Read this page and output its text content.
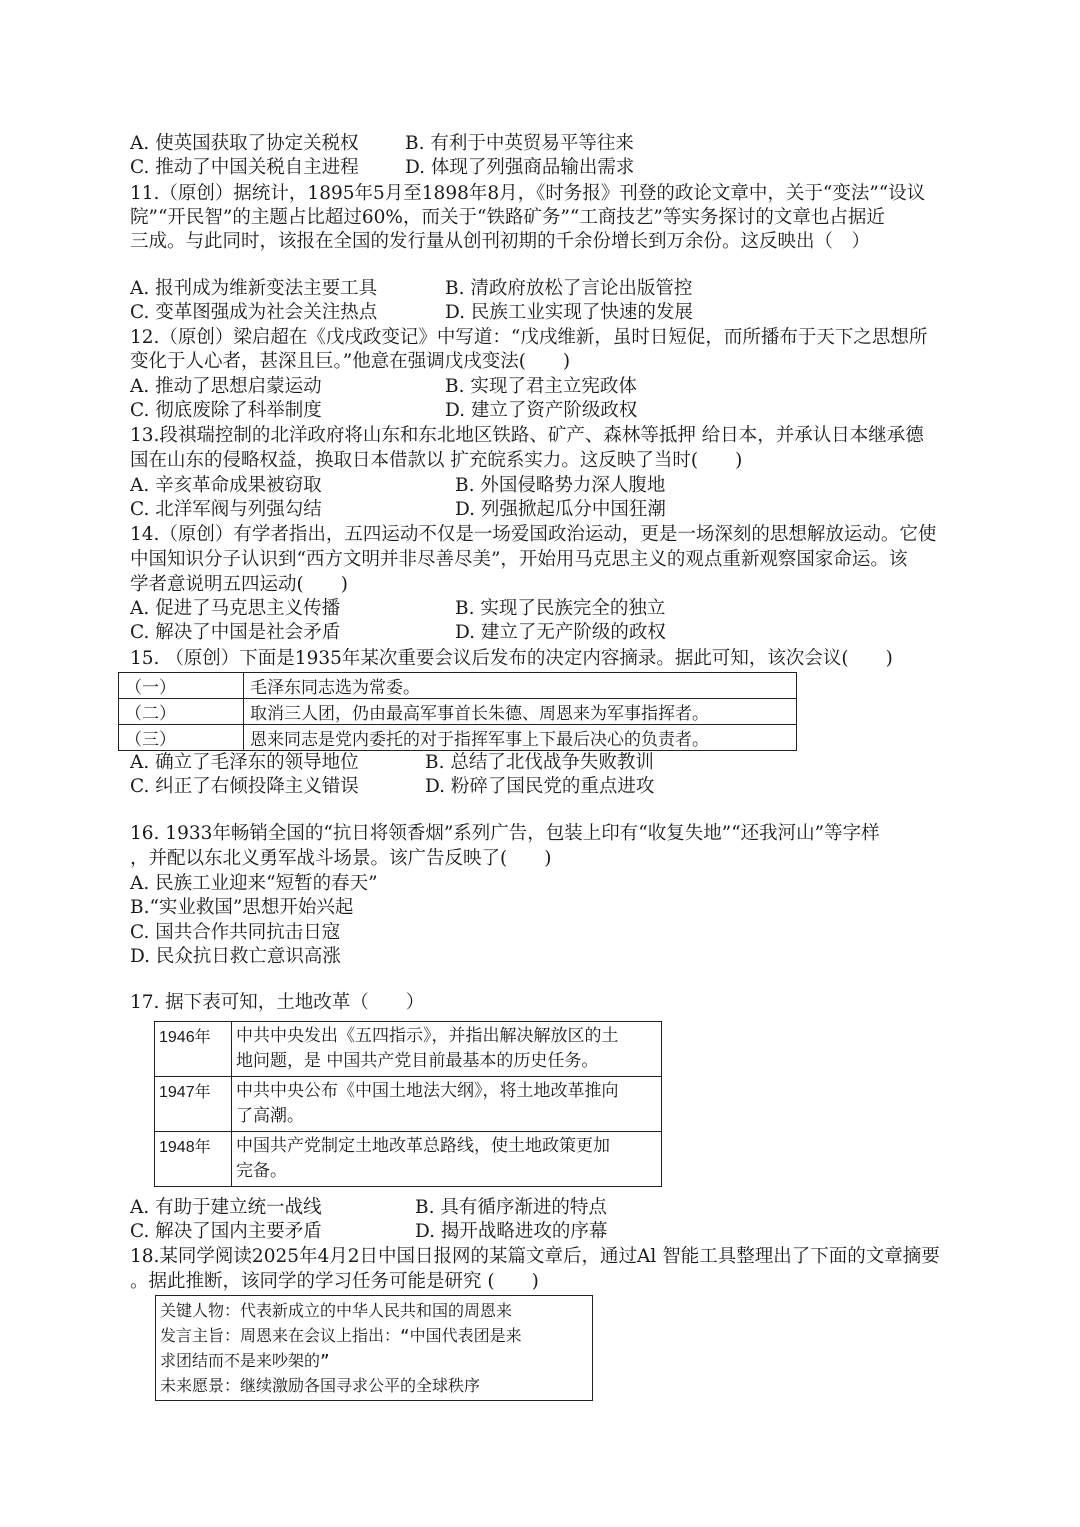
A. 使英国获取了协定关税权	B. 有利于中英贸易平等往来
C. 推动了中国关税自主进程 D. 体现了列强商品输出需求
11.（原创）据统计，1895年5月至1898年8月，《时务报》刊登的政论文章中，关于“变法”“设议
院”“开民智”的主题占比超过60%，而关于“铁路矿务”“工商技艺”等实务探讨的文章也占据近
三成。与此同时，该报在全国的发行量从创刊初期的千余份增长到万余份。这反映出（　）
A. 报刊成为维新变法主要工具	B. 清政府放松了言论出版管控
C. 变革图强成为社会关注热点	D. 民族工业实现了快速的发展
12.（原创）梁启超在《戊戌政变记》中写道：“戊戌维新，虽时日短促，而所播布于天下之思想所
变化于人心者，甚深且巨。”他意在强调戊戌变法(　　)
A. 推动了思想启蒙运动	B. 实现了君主立宪政体
C. 彻底废除了科举制度	D. 建立了资产阶级政权
13.段祺瑞控制的北洋政府将山东和东北地区铁路、矿产、森林等抵押 给日本，并承认日本继承德
国在山东的侵略权益，换取日本借款以 扩充皖系实力。这反映了当时(　　)
A. 辛亥革命成果被窃取	B. 外国侵略势力深人腹地
C. 北洋军阀与列强勾结	D. 列强掀起瓜分中国狂潮
14.（原创）有学者指出，五四运动不仅是一场爱国政治运动，更是一场深刻的思想解放运动。它使
中国知识分子认识到“西方文明并非尽善尽美”，开始用马克思主义的观点重新观察国家命运。该
学者意说明五四运动(　　)
A. 促进了马克思主义传播	B. 实现了民族完全的独立
C. 解决了中国是社会矛盾	D. 建立了无产阶级的政权
15. （原创）下面是1935年某次重要会议后发布的决定内容摘录。据此可知，该次会议(　　)
（一）	毛泽东同志选为常委。
（二）	取消三人团，仍由最高军事首长朱德、周恩来为军事指挥者。
（三）	恩来同志是党内委托的对于指挥军事上下最后决心的负责者。
A. 确立了毛泽东的领导地位	B. 总结了北伐战争失败教训
C. 纠正了右倾投降主义错误	D. 粉碎了国民党的重点进攻
16. 1933年畅销全国的“抗日将领香烟”系列广告，包装上印有“收复失地”“还我河山”等字样
，并配以东北义勇军战斗场景。该广告反映了(　　)
A. 民族工业迎来“短暂的春天”
B.“实业救国”思想开始兴起
C. 国共合作共同抗击日寇
D. 民众抗日救亡意识高涨
17. 据下表可知，土地改革（　　）
1946年	中共中央发出《五四指示》，并指出解决解放区的土
地问题，是 中国共产党目前最基本的历史任务。

1947年	中共中央公布《中国土地法大纲》，将土地改革推向
了高潮。

1948年	中国共产党制定土地改革总路线，使土地政策更加
完备。
A. 有助于建立统一战线	B. 具有循序渐进的特点
C. 解决了国内主要矛盾	D. 揭开战略进攻的序幕
18.某同学阅读2025年4月2日中国日报网的某篇文章后，通过Al 智能工具整理出了下面的文章摘要
。据此推断，该同学的学习任务可能是研究 (　　)
关键人物：代表新成立的中华人民共和国的周恩来
发言主旨：周恩来在会议上指出：“中国代表团是来
求团结而不是来吵架的”
未来愿景：继续激励各国寻求公平的全球秩序
